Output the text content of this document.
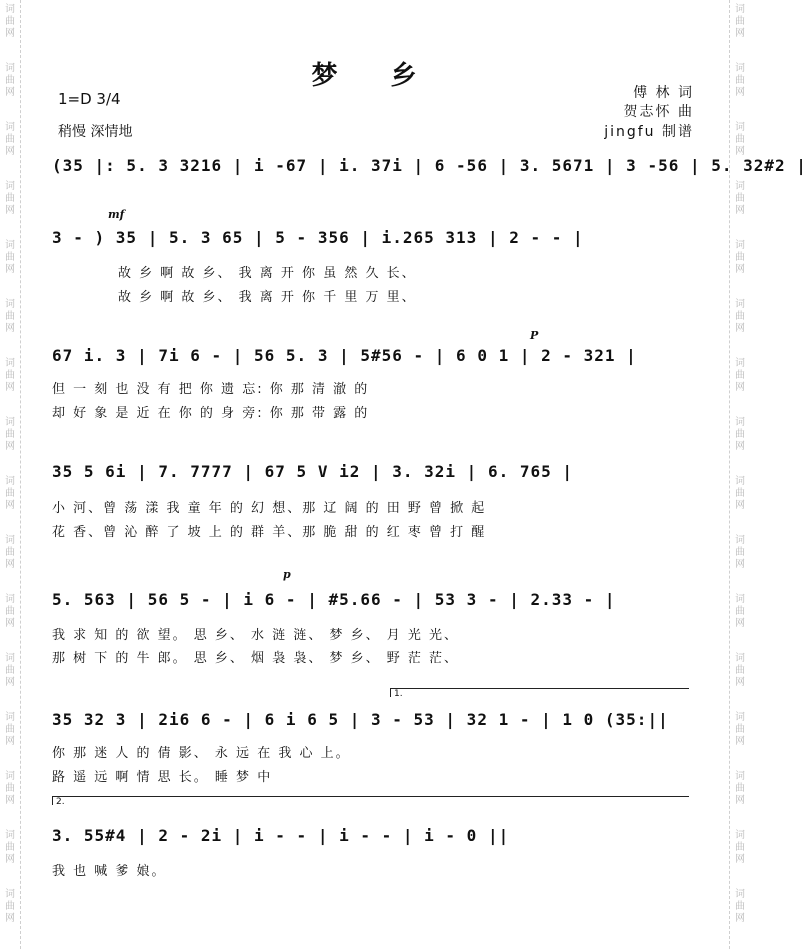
词
曲
网
词
曲
网
词
曲
网
词
曲
网
词
曲
网
词
曲
网
词
曲
网
词
曲
网
词
曲
网
词
曲
网
词
曲
网
词
曲
网
词
曲
网
词
曲
网
词
曲
网
词
曲
网
词
曲
网
词
曲
网
词
曲
网
词
曲
网
词
曲
网
词
曲
网
词
曲
网
词
曲
网
词
曲
网
词
曲
网
词
曲
网
词
曲
网
词
曲
网
词
曲
网
词
曲
网
词
曲
网
梦 乡
1=D 3/4
稍慢 深情地
傅 林 词
贺志怀 曲
jingfu 制谱
(35 |: 5. 3 3216 | i -67 | i. 37i | 6 -56 | 3. 5671 | 3 -56 | 5. 32#2 |
mf
3 - ) 35 | 5. 3 65 | 5 - 356 | i.265 313 | 2 - - |
故 乡 啊 故 乡、 我 离 开 你 虽 然 久 长、
故 乡 啊 故 乡、 我 离 开 你 千 里 万 里、
P
67 i. 3 | 7i 6 - | 56 5. 3 | 5#56 - | 6 0 1 | 2 - 321 |
但 一 刻 也 没 有 把 你 遗 忘: 你 那 清 澈 的
却 好 象 是 近 在 你 的 身 旁: 你 那 带 露 的
35 5 6i | 7. 7777 | 67 5 V i2 | 3. 32i | 6. 765 |
小 河、曾 荡 漾 我 童 年 的 幻 想、那 辽 阔 的 田 野 曾 掀 起
花 香、曾 沁 醉 了 坡 上 的 群 羊、那 脆 甜 的 红 枣 曾 打 醒
p
5. 563 | 56 5 - | i 6 - | #5.66 - | 53 3 - | 2.33 - |
我 求 知 的 欲 望。 思 乡、 水 涟 涟、 梦 乡、 月 光 光、
那 树 下 的 牛 郎。 思 乡、 烟 袅 袅、 梦 乡、 野 茫 茫、
1.
35 32 3 | 2i6 6 - | 6 i 6 5 | 3 - 53 | 32 1 - | 1 0 (35:||
你 那 迷 人 的 倩 影、 永 远 在 我 心 上。
路 遥 远 啊 情 思 长。 睡 梦 中
2.
3. 55#4 | 2 - 2i | i - - | i - - | i - 0 ||
我 也 喊 爹 娘。
